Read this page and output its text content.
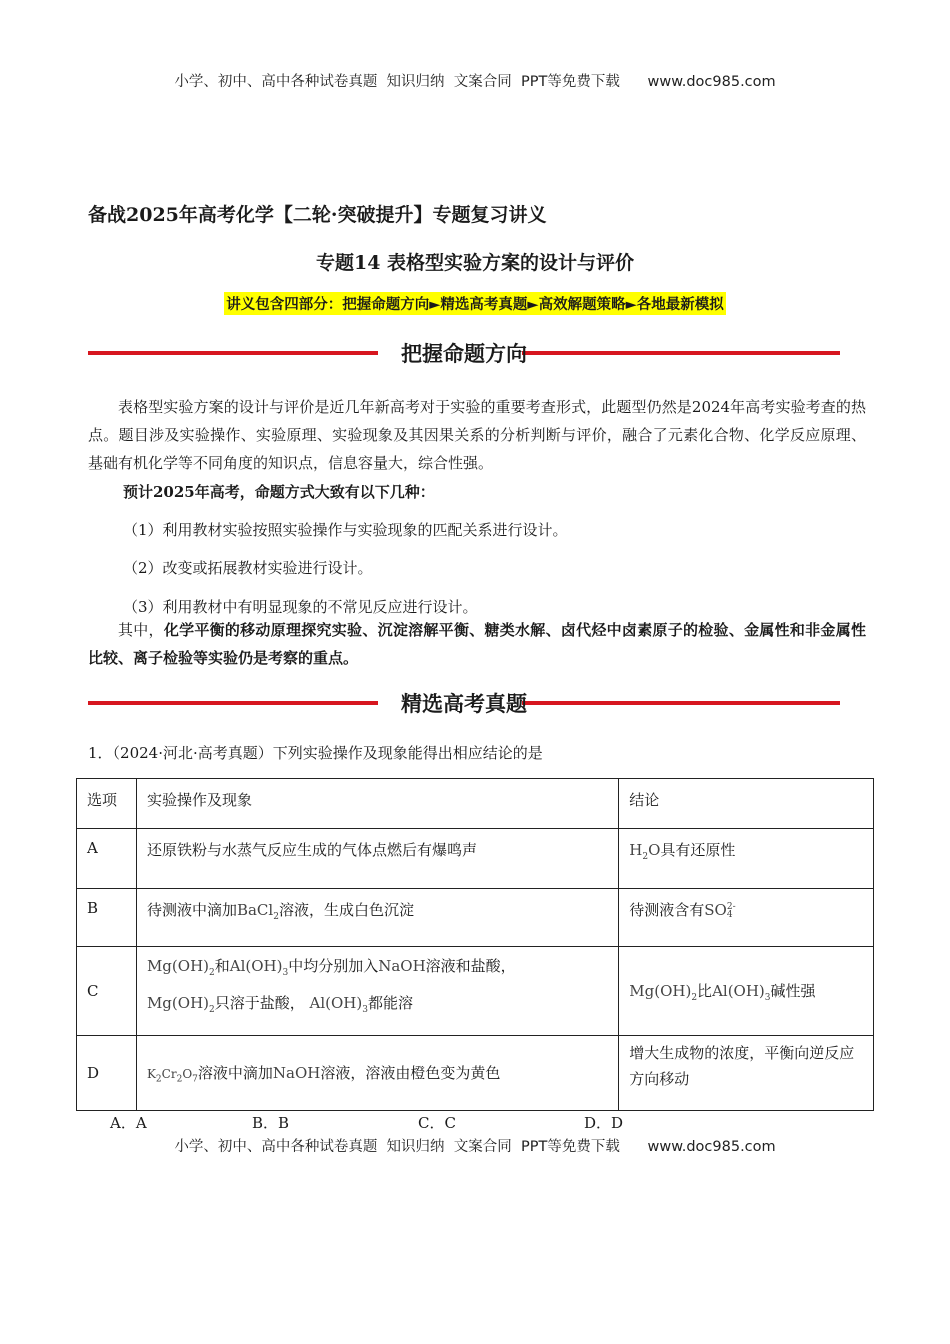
小学、初中、高中各种试卷真题  知识归纳  文案合同  PPT等免费下载 www.doc985.com
备战2025年高考化学【二轮·突破提升】专题复习讲义
专题14 表格型实验方案的设计与评价
讲义包含四部分：把握命题方向►精选高考真题►高效解题策略►各地最新模拟
把握命题方向
表格型实验方案的设计与评价是近几年新高考对于实验的重要考查形式，此题型仍然是2024年高考实验考查的热点。题目涉及实验操作、实验原理、实验现象及其因果关系的分析判断与评价，融合了元素化合物、化学反应原理、基础有机化学等不同角度的知识点，信息容量大，综合性强。
预计2025年高考，命题方式大致有以下几种：
（1）利用教材实验按照实验操作与实验现象的匹配关系进行设计。
（2）改变或拓展教材实验进行设计。
（3）利用教材中有明显现象的不常见反应进行设计。
其中，化学平衡的移动原理探究实验、沉淀溶解平衡、糖类水解、卤代烃中卤素原子的检验、金属性和非金属性比较、离子检验等实验仍是考察的重点。
精选高考真题
1．（2024·河北·高考真题）下列实验操作及现象能得出相应结论的是
选项	实验操作及现象	结论
A	还原铁粉与水蒸气反应生成的气体点燃后有爆鸣声	$H_2O$具有还原性
B	待测液中滴加BaCl$_2$溶液，生成白色沉淀	待测液含有SO 2-
4

C	$Mg(OH)_2$和$Al(OH)_3$中均分别加入NaOH溶液和盐酸，
$Mg(OH)_2$只溶于盐酸， $Al(OH)_3$都能溶	$Mg(OH)_2$比$Al(OH)_3$碱性强
D	$K_2Cr_2O_7$溶液中滴加NaOH溶液，溶液由橙色变为黄色	增大生成物的浓度，平衡向逆反应方向移动
A．A	B．B	C．C	D．D
小学、初中、高中各种试卷真题  知识归纳  文案合同  PPT等免费下载 www.doc985.com
